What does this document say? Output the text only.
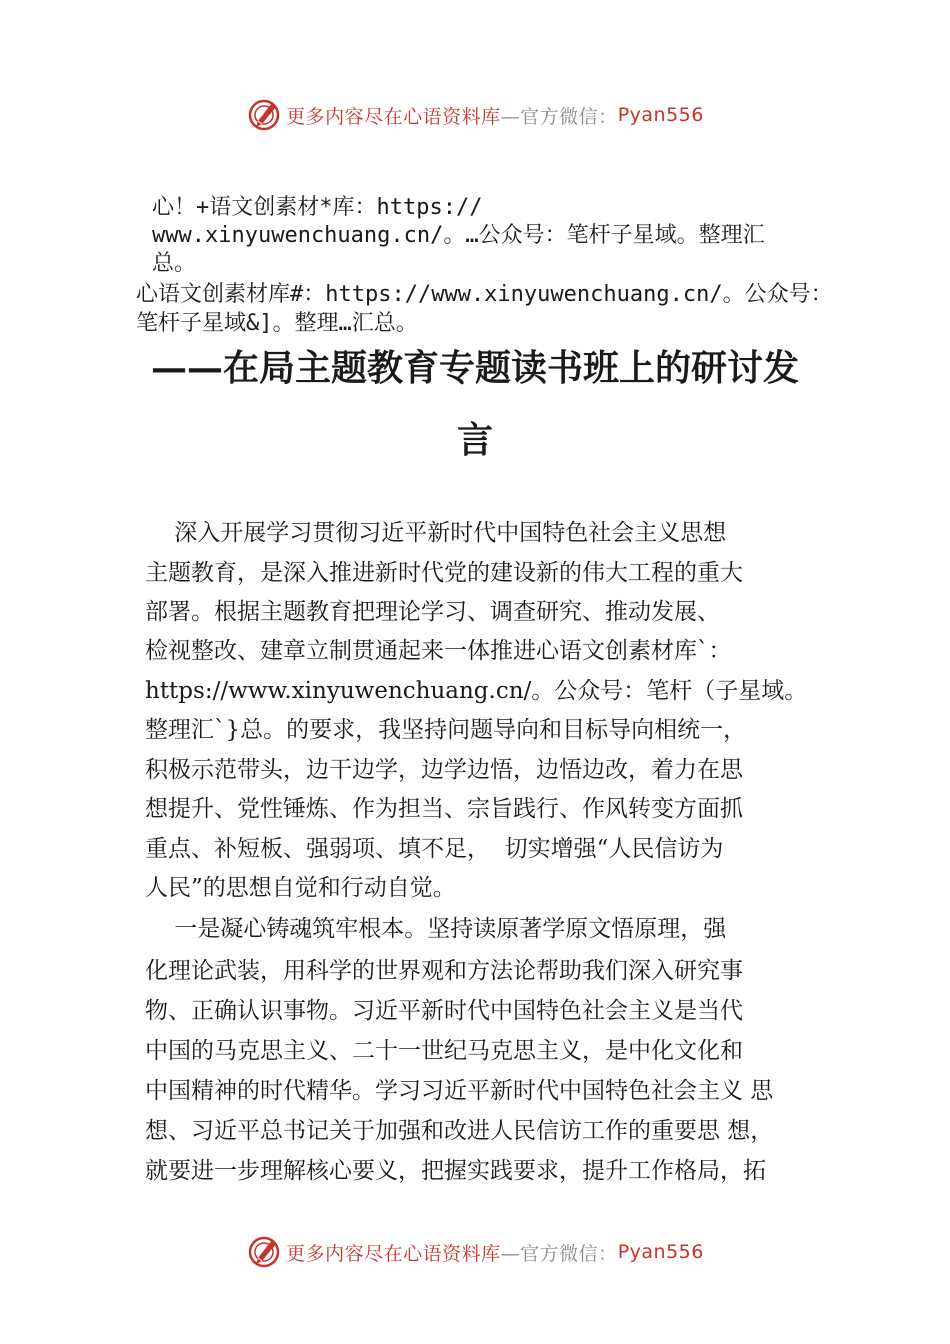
更多内容尽在心语资料库 —官方微信： Pyan556
心！+语文创素材*库：https://
www.xinyuwenchuang.cn/。…公众号：笔杆子星域。整理汇
总。
心语文创素材库#：https://www.xinyuwenchuang.cn/。公众号：
笔杆子星域&]。整理…汇总。
——在局主题教育专题读书班上的研讨发
言
深入开展学习贯彻习近平新时代中国特色社会主义思想
主题教育，是深入推进新时代党的建设新的伟大工程的重大
部署。根据主题教育把理论学习、调查研究、推动发展、
检视整改、建章立制贯通起来一体推进心语文创素材库`：
https://www.xinyuwenchuang.cn/。公众号：笔杆（子星域。
整理汇`}总。的要求，我坚持问题导向和目标导向相统一，
积极示范带头，边干边学，边学边悟，边悟边改，着力在思
想提升、党性锤炼、作为担当、宗旨践行、作风转变方面抓
重点、补短板、强弱项、填不足，  切实增强“人民信访为
人民”的思想自觉和行动自觉。
一是凝心铸魂筑牢根本。坚持读原著学原文悟原理，强
化理论武装，用科学的世界观和方法论帮助我们深入研究事
物、正确认识事物。习近平新时代中国特色社会主义是当代
中国的马克思主义、二十一世纪马克思主义，是中化文化和
中国精神的时代精华。学习习近平新时代中国特色社会主义 思
想、习近平总书记关于加强和改进人民信访工作的重要思 想，
就要进一步理解核心要义，把握实践要求，提升工作格局，拓
更多内容尽在心语资料库 —官方微信： Pyan556
